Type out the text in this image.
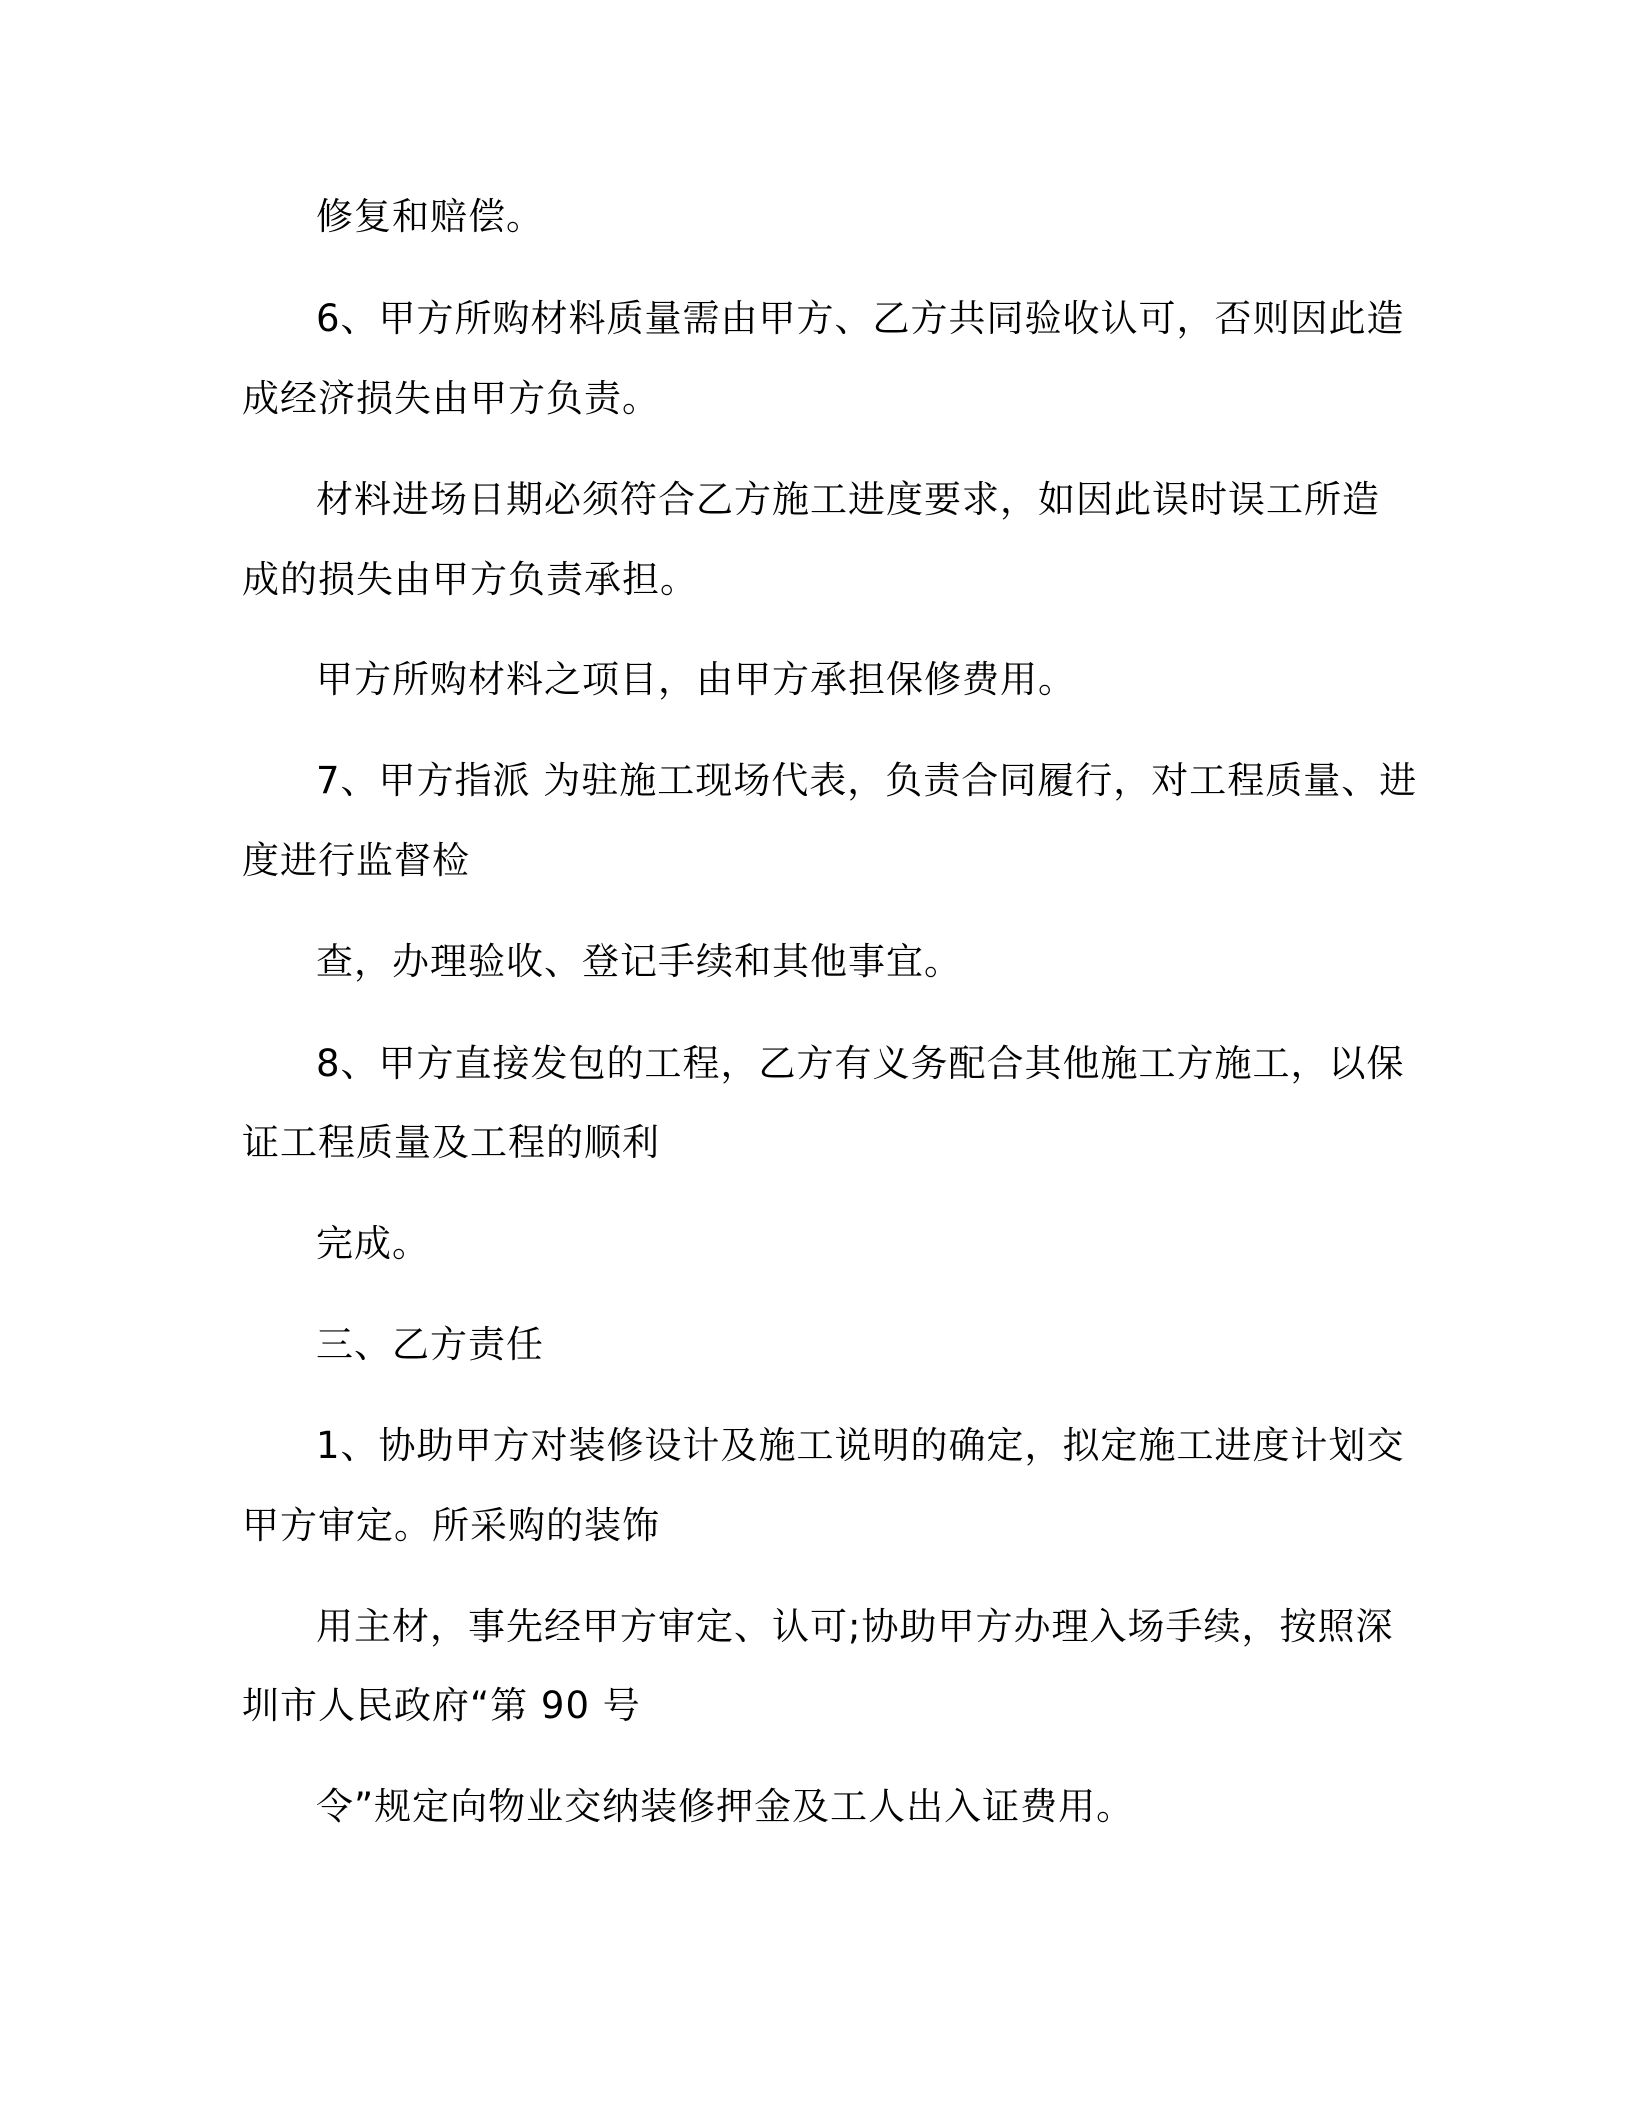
修复和赔偿。
6、甲方所购材料质量需由甲方、乙方共同验收认可，否则因此造
成经济损失由甲方负责。
材料进场日期必须符合乙方施工进度要求，如因此误时误工所造
成的损失由甲方负责承担。
甲方所购材料之项目，由甲方承担保修费用。
7、甲方指派 为驻施工现场代表，负责合同履行，对工程质量、进
度进行监督检
查，办理验收、登记手续和其他事宜。
8、甲方直接发包的工程，乙方有义务配合其他施工方施工，以保
证工程质量及工程的顺利
完成。
三、乙方责任
1、协助甲方对装修设计及施工说明的确定，拟定施工进度计划交
甲方审定。所采购的装饰
用主材，事先经甲方审定、认可;协助甲方办理入场手续，按照深
圳市人民政府“第 90 号
令”规定向物业交纳装修押金及工人出入证费用。
